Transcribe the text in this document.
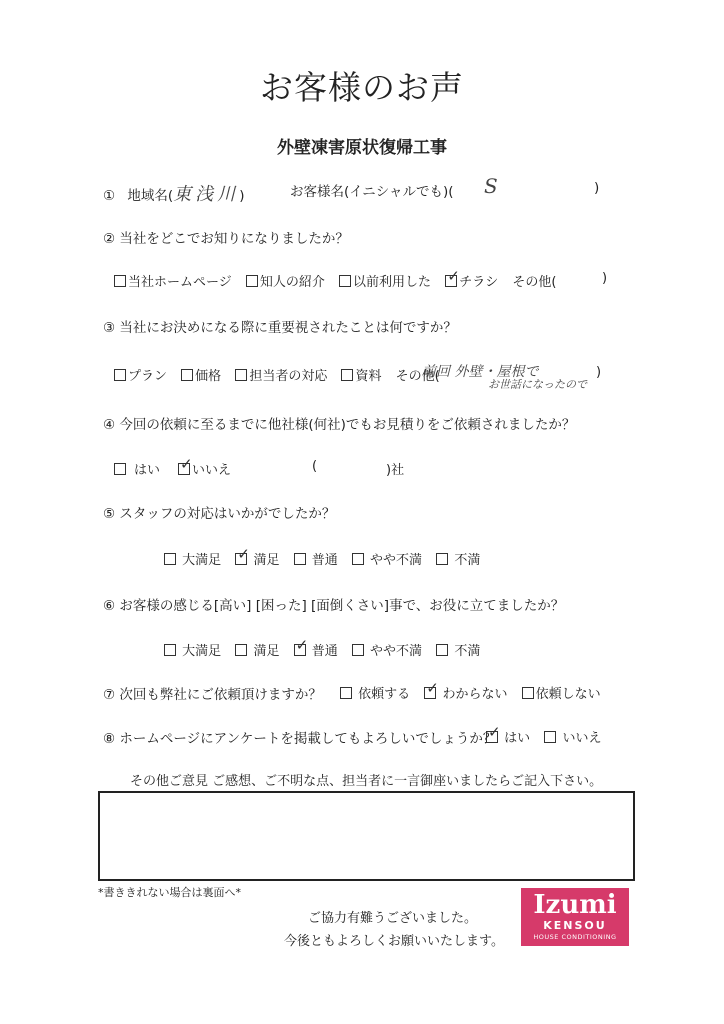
お客様のお声
外壁凍害原状復帰工事
① 地域名(東浅川)	お客様名(イニシャルでも)( S	)
② 当社をどこでお知りになりましたか？
当社ホームページ 知人の紹介 以前利用した ✓ チラシ その他(	)
③ 当社にお決めになる際に重要視されたことは何ですか？
プラン 価格 担当者の対応 資料 その他(
前回 外壁・屋根で
お世話になったので
)
④ 今回の依頼に至るまでに他社様(何社)でもお見積りをご依頼されましたか？
はい ✓	いいえ	(	)社
⑤ スタッフの対応はいかがでしたか？
大満足 ✓ 満足 普通 やや不満 不満
⑥ お客様の感じる[高い] [困った] [面倒くさい]事で、お役に立てましたか？
大満足 満足 ✓ 普通 やや不満 不満
⑦ 次回も弊社にご依頼頂けますか？	依頼する ✓ わからない 依頼しない
⑧ ホームページにアンケートを掲載してもよろしいでしょうか？ ✓ はい いいえ
その他ご意見 ご感想、ご不明な点、担当者に一言御座いましたらご記入下さい。
*書ききれない場合は裏面へ*
ご協力有難うございました。
今後ともよろしくお願いいたします。
Izumi
KENSOU
HOUSE CONDITIONING
